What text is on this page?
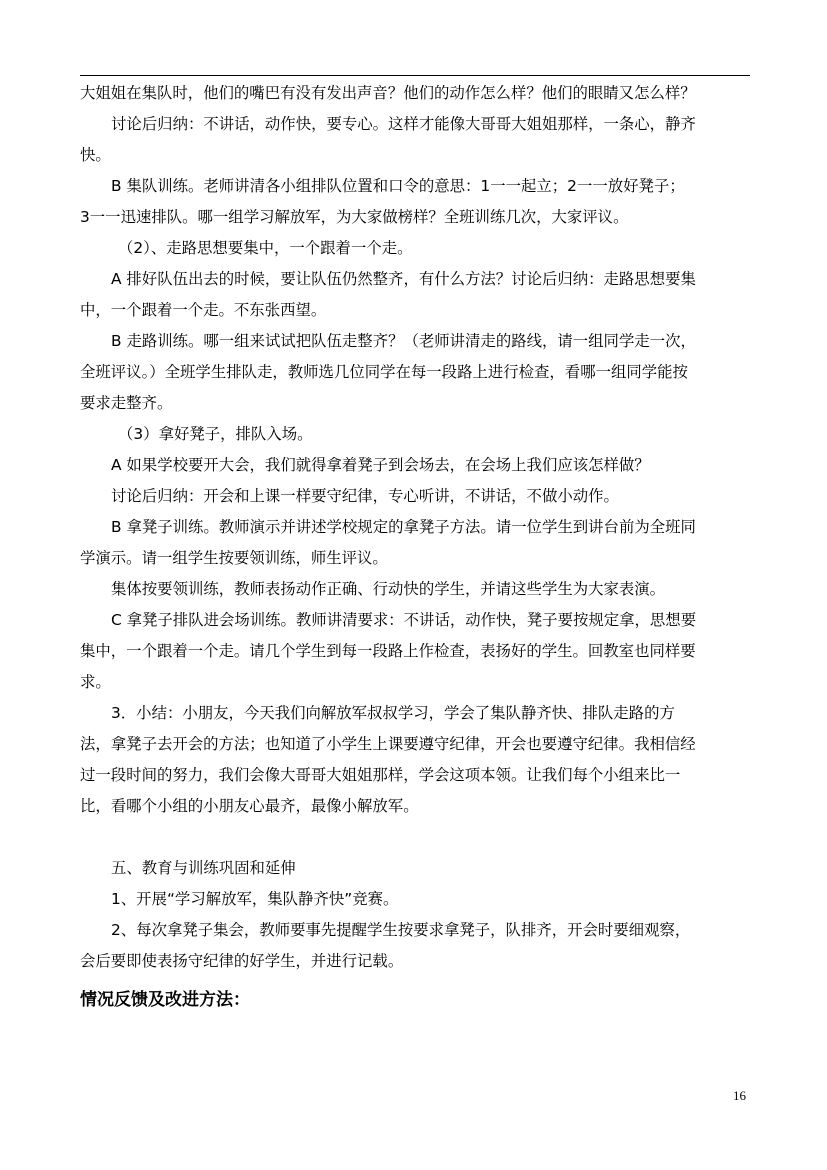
大姐姐在集队时，他们的嘴巴有没有发出声音？他们的动作怎么样？他们的眼睛又怎么样？

讨论后归纳：不讲话，动作快，要专心。这样才能像大哥哥大姐姐那样，一条心，静齐

快。

B 集队训练。老师讲清各小组排队位置和口令的意思：1一一起立；2一一放好凳子；

3一一迅速排队。哪一组学习解放军，为大家做榜样？全班训练几次，大家评议。

（2）、走路思想要集中，一个跟着一个走。

A 排好队伍出去的时候，要让队伍仍然整齐，有什么方法？讨论后归纳：走路思想要集

中，一个跟着一个走。不东张西望。

B 走路训练。哪一组来试试把队伍走整齐？（老师讲清走的路线，请一组同学走一次，

全班评议。）全班学生排队走，教师选几位同学在每一段路上进行检查，看哪一组同学能按

要求走整齐。

（3）拿好凳子，排队入场。

A 如果学校要开大会，我们就得拿着凳子到会场去，在会场上我们应该怎样做？

讨论后归纳：开会和上课一样要守纪律，专心听讲，不讲话，不做小动作。

B 拿凳子训练。教师演示并讲述学校规定的拿凳子方法。请一位学生到讲台前为全班同

学演示。请一组学生按要领训练，师生评议。

集体按要领训练，教师表扬动作正确、行动快的学生，并请这些学生为大家表演。

C 拿凳子排队进会场训练。教师讲清要求：不讲话，动作快，凳子要按规定拿，思想要

集中，一个跟着一个走。请几个学生到每一段路上作检查，表扬好的学生。回教室也同样要

求。

3．小结：小朋友，今天我们向解放军叔叔学习，学会了集队静齐快、排队走路的方

法，拿凳子去开会的方法；也知道了小学生上课要遵守纪律，开会也要遵守纪律。我相信经

过一段时间的努力，我们会像大哥哥大姐姐那样，学会这项本领。让我们每个小组来比一

比，看哪个小组的小朋友心最齐，最像小解放军。

五、教育与训练巩固和延伸

1、开展“学习解放军，集队静齐快”竞赛。

2、每次拿凳子集会，教师要事先提醒学生按要求拿凳子，队排齐，开会时要细观察，

会后要即使表扬守纪律的好学生，并进行记载。

情况反馈及改进方法：
16
